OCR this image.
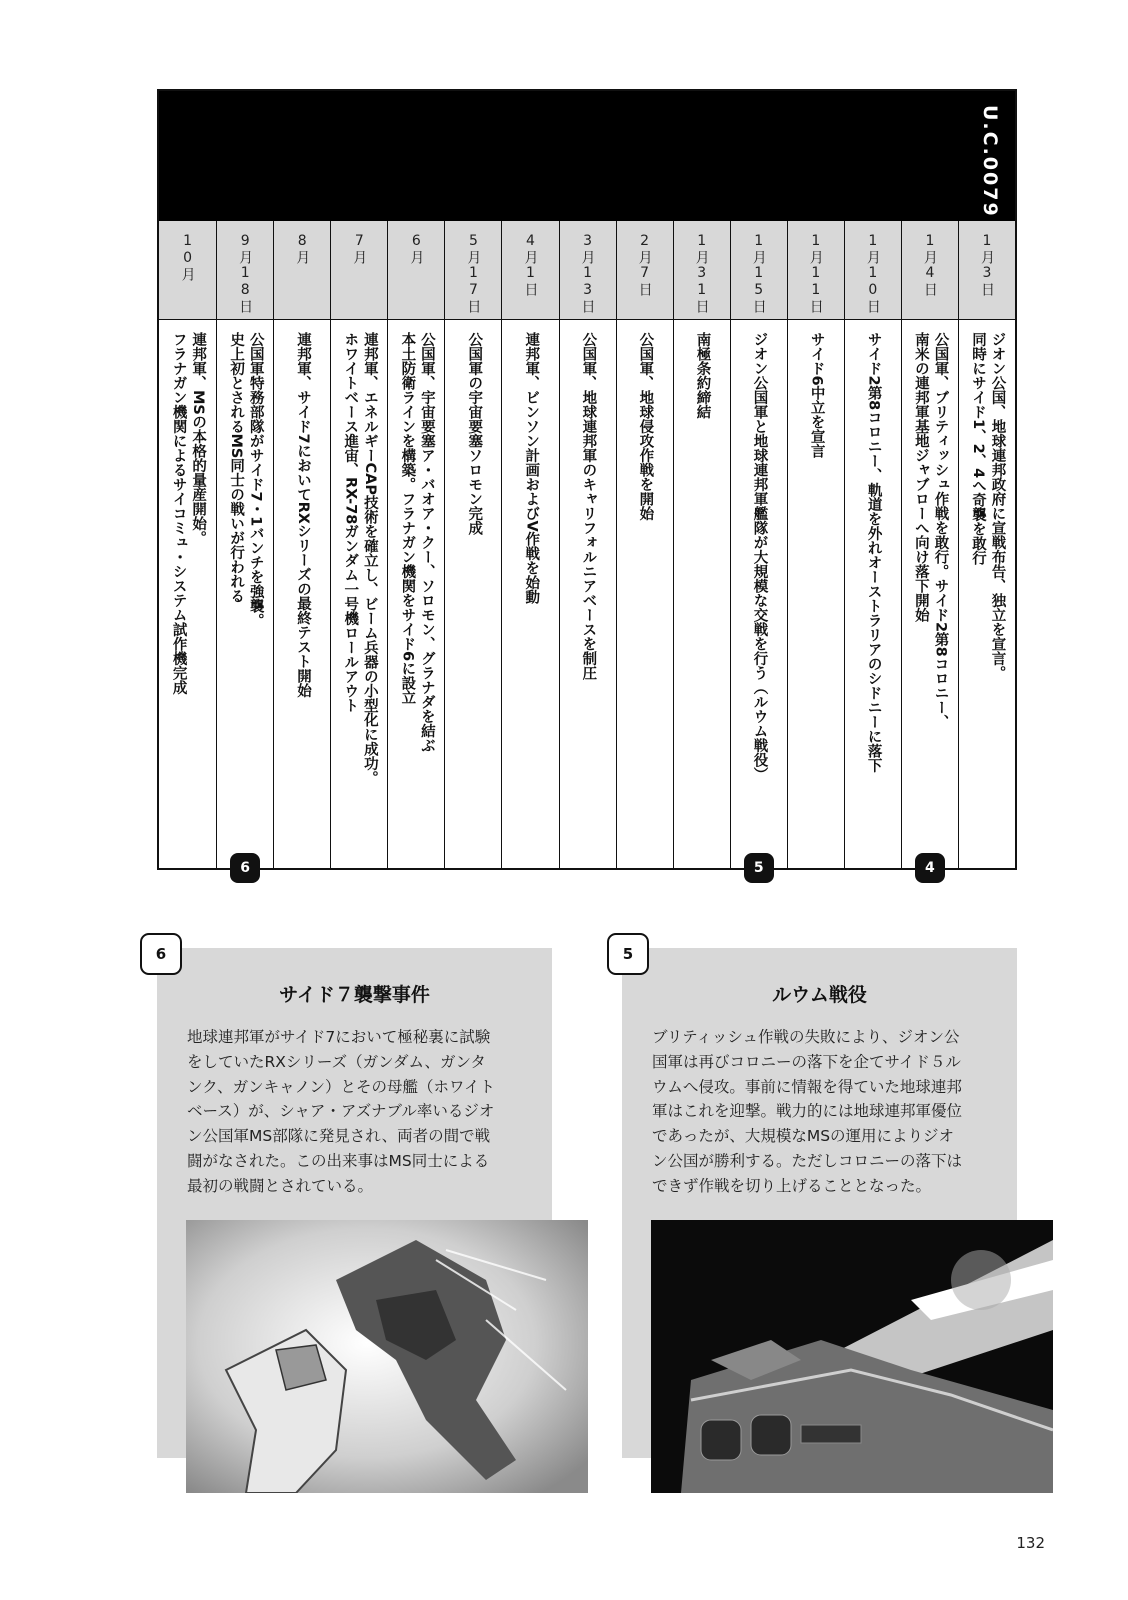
U.C.0079
1月3日
ジオン公国、地球連邦政府に宣戦布告、独立を宣言。
同時にサイド1、2、4へ奇襲を敢行
1月4日
公国軍、ブリティッシュ作戦を敢行。サイド2第8コロニー、
南米の連邦軍基地ジャブローへ向け落下開始
4
1月10日
サイド2第8コロニー、軌道を外れオーストラリアのシドニーに落下
1月11日
サイド6中立を宣言
1月15日
ジオン公国軍と地球連邦軍艦隊が大規模な交戦を行う（ルウム戦役）
5
1月31日
南極条約締結
2月7日
公国軍、地球侵攻作戦を開始
3月13日
公国軍、地球連邦軍のキャリフォルニアベースを制圧
4月1日
連邦軍、ビンソン計画およびV作戦を始動
5月17日
公国軍の宇宙要塞ソロモン完成
6月
公国軍、宇宙要塞ア・バオア・クー、ソロモン、グラナダを結ぶ
本土防衛ラインを構築。フラナガン機関をサイド6に設立
7月
連邦軍、エネルギーCAP技術を確立し、ビーム兵器の小型化に成功。
ホワイトベース進宙、RX-78ガンダム一号機ロールアウト
8月
連邦軍、サイド7においてRXシリーズの最終テスト開始
9月18日
公国軍特務部隊がサイド7・1バンチを強襲。
史上初とされるMS同士の戦いが行われる
6
10月
連邦軍、MSの本格的量産開始。
フラナガン機関によるサイコミュ・システム試作機完成
サイド７襲撃事件
地球連邦軍がサイド7において極秘裏に試験
をしていたRXシリーズ（ガンダム、ガンタ
ンク、ガンキャノン）とその母艦（ホワイト
ベース）が、シャア・アズナブル率いるジオ
ン公国軍MS部隊に発見され、両者の間で戦
闘がなされた。この出来事はMS同士による
最初の戦闘とされている。
6
ルウム戦役
ブリティッシュ作戦の失敗により、ジオン公
国軍は再びコロニーの落下を企てサイド５ル
ウムへ侵攻。事前に情報を得ていた地球連邦
軍はこれを迎撃。戦力的には地球連邦軍優位
であったが、大規模なMSの運用によりジオ
ン公国が勝利する。ただしコロニーの落下は
できず作戦を切り上げることとなった。
5
132
